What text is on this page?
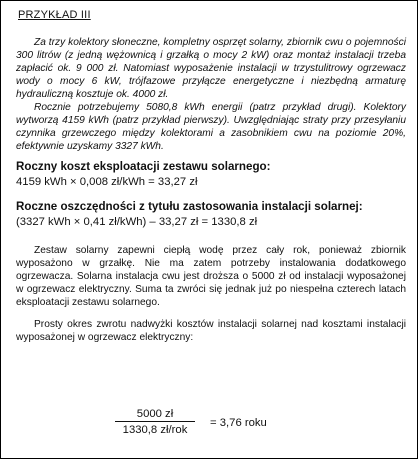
PRZYKŁAD III

Za trzy kolektory słoneczne, kompletny osprzęt solarny, zbiornik cwu o pojemności 300 litrów (z jedną wężownicą i grzałką o mocy 2 kW) oraz montaż instalacji trzeba zapłacić ok. 9 000 zł. Natomiast wyposażenie instalacji w trzystulitrowy ogrzewacz wody o mocy 6 kW, trójfazowe przyłącze energetyczne i niezbędną armaturę hydrauliczną kosztuje ok. 4000 zł.

Rocznie potrzebujemy 5080,8 kWh energii (patrz przykład drugi). Kolektory wytworzą 4159 kWh (patrz przykład pierwszy). Uwzględniając straty przy przesyłaniu czynnika grzewczego między kolektorami a zasobnikiem cwu na poziomie 20%, efektywnie uzyskamy 3327 kWh.

Roczny koszt eksploatacji zestawu solarnego:
4159 kWh × 0,008 zł/kWh = 33,27 zł
Roczne oszczędności z tytułu zastosowania instalacji solarnej:
(3327 kWh × 0,41 zł/kWh) – 33,27 zł = 1330,8 zł

Zestaw solarny zapewni ciepłą wodę przez cały rok, ponieważ zbiornik wyposażono w grzałkę. Nie ma zatem potrzeby instalowania dodatkowego ogrzewacza. Solarna instalacja cwu jest droższa o 5000 zł od instalacji wyposażonej w ogrzewacz elektryczny. Suma ta zwróci się jednak już po niespełna czterech latach eksploatacji zestawu solarnego.

Prosty okres zwrotu nadwyżki kosztów instalacji solarnej nad kosztami instalacji wyposażonej w ogrzewacz elektryczny:

5000 zł
1330,8 zł/rok
= 3,76 roku
